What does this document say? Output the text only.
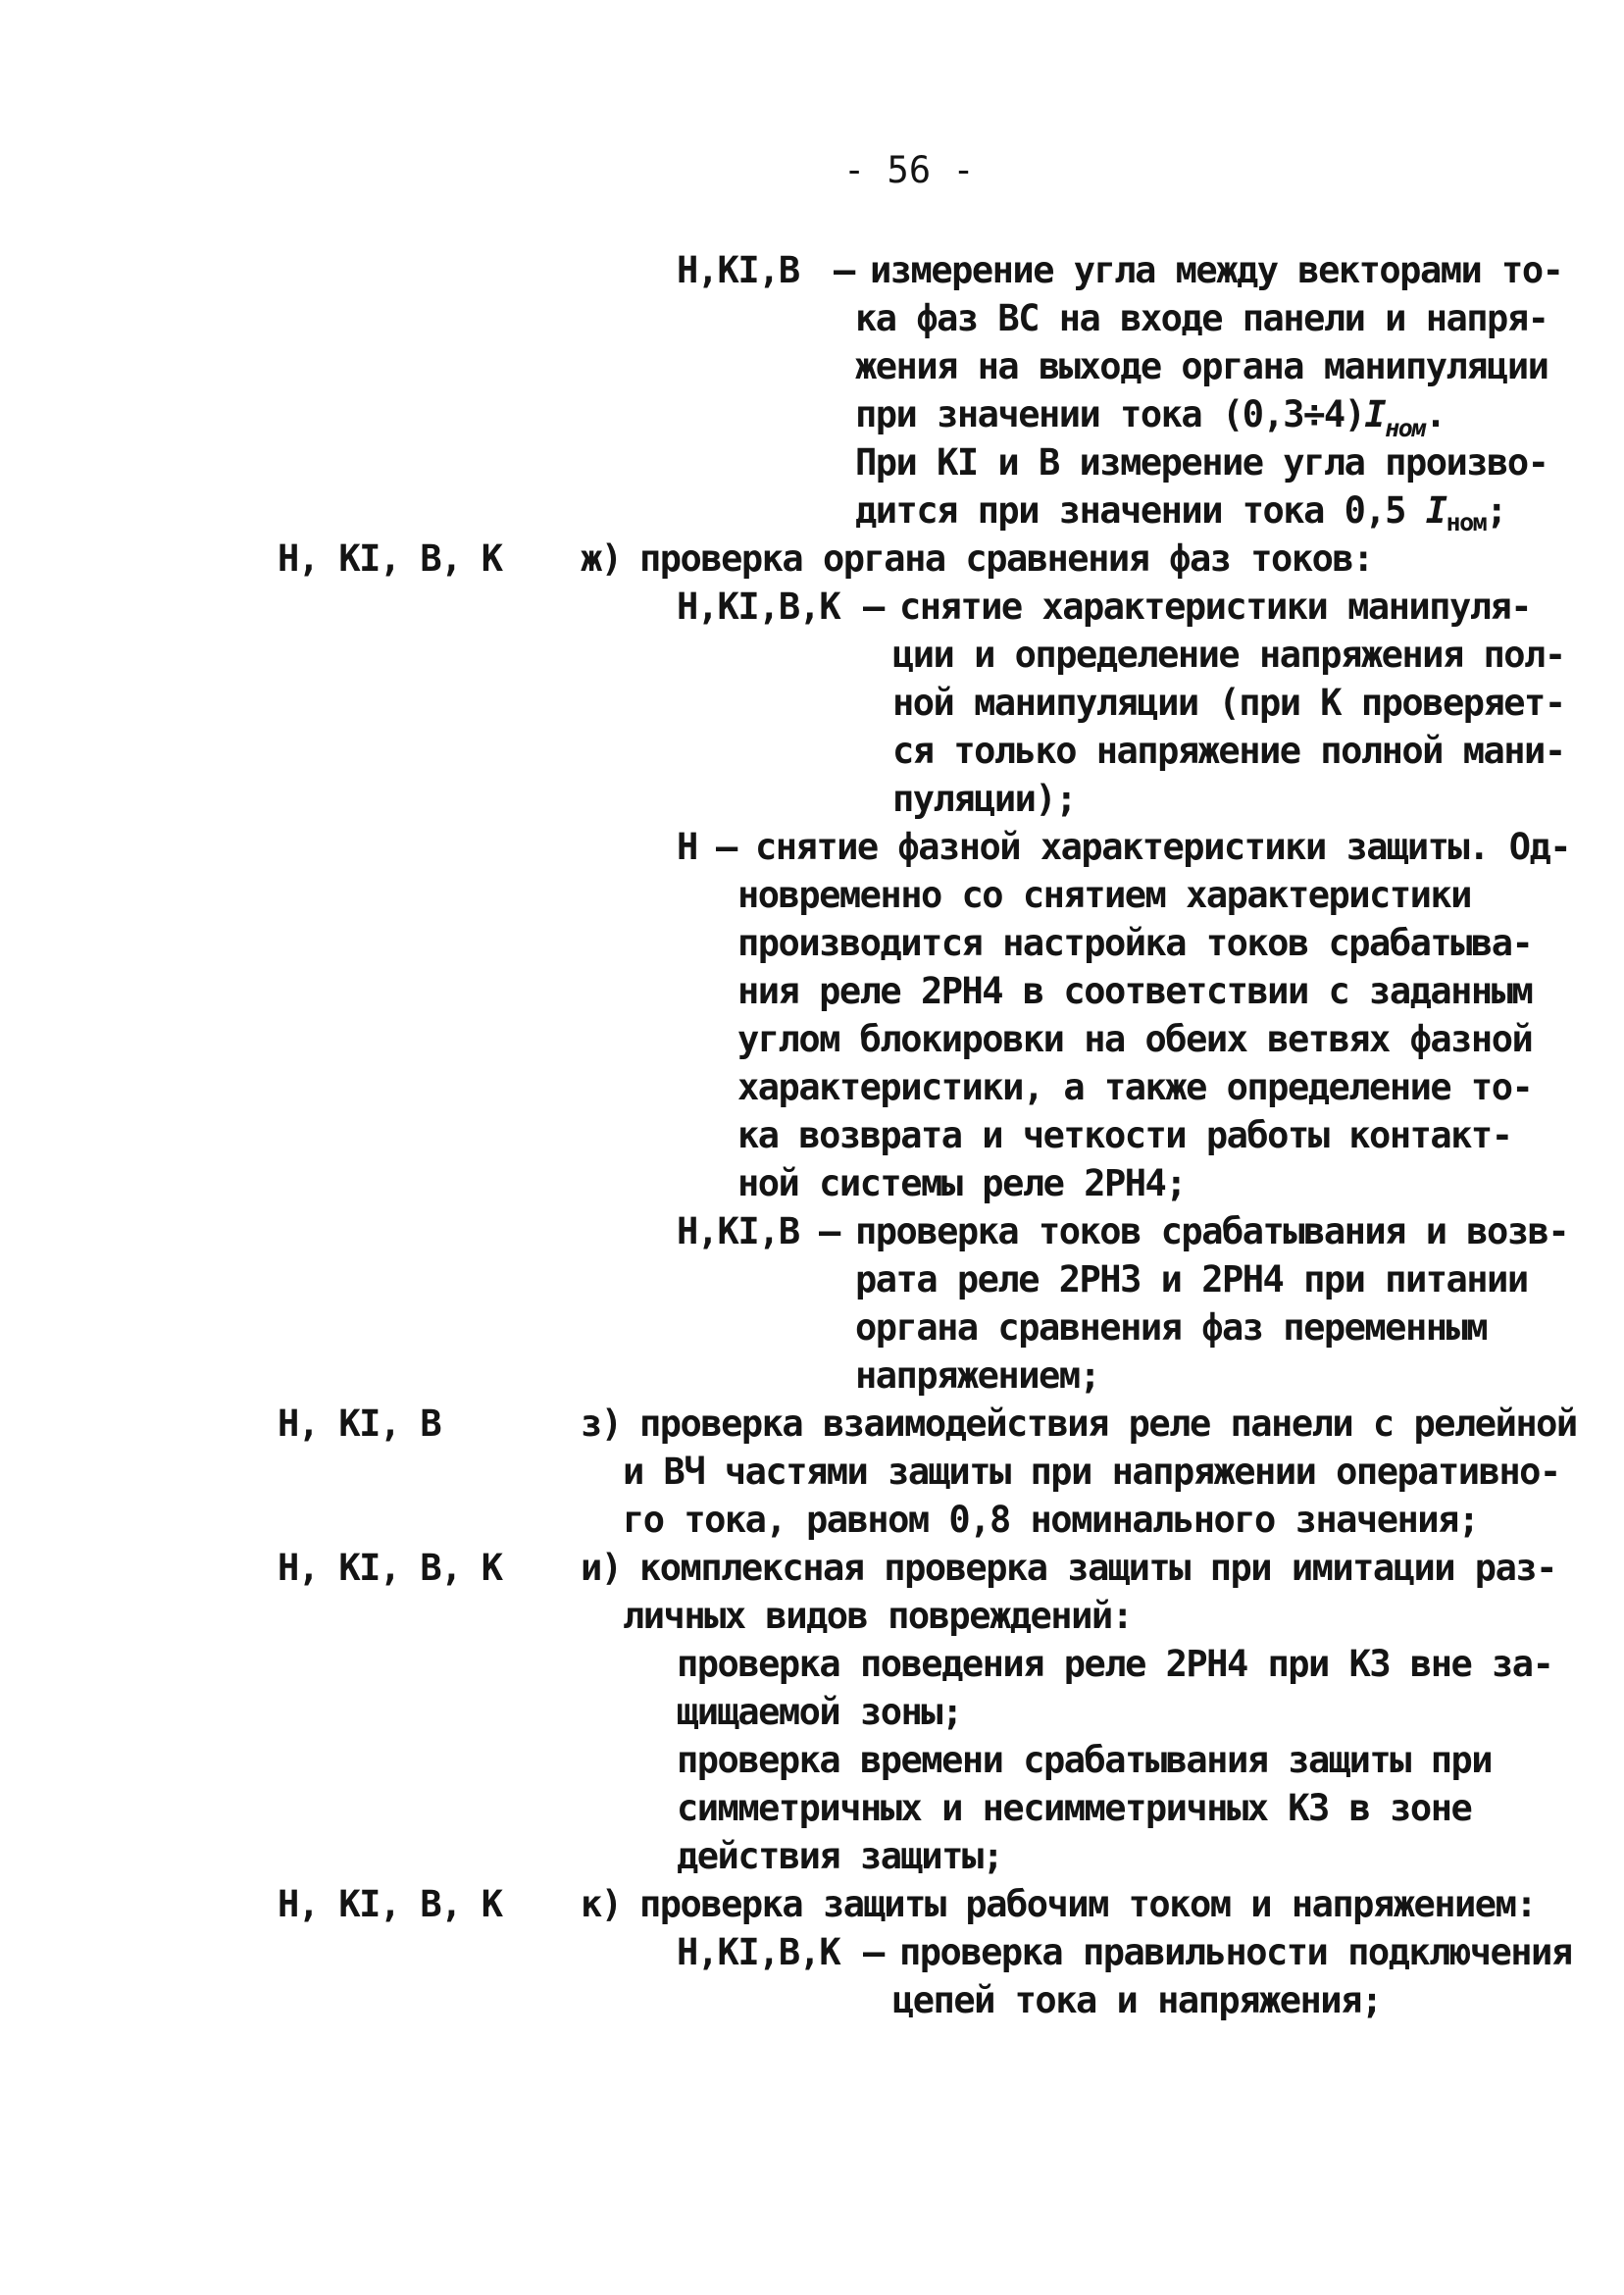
- 56 -
Н,КI,В – измерение угла между векторами то-
ка фаз ВС на входе панели и напря-
жения на выходе органа манипуляции
при значении тока $(0,3\div 4)I_{ном}$.
При КI и В измерение угла произво-
дится при значении тока 0,5 $I_{ном}$;
Н, КI, В, К ж) проверка органа сравнения фаз токов:
Н,КI,В,К – снятие характеристики манипуля-
ции и определение напряжения пол-
ной манипуляции (при К проверяет-
ся только напряжение полной мани-
пуляции);
Н – снятие фазной характеристики защиты. Од-
новременно со снятием характеристики
производится настройка токов срабатыва-
ния реле 2РН4 в соответствии с заданным
углом блокировки на обеих ветвях фазной
характеристики, а также определение то-
ка возврата и четкости работы контакт-
ной системы реле 2РН4;
Н,КI,В – проверка токов срабатывания и возв-
рата реле 2РН3 и 2РН4 при питании
органа сравнения фаз переменным
напряжением;
Н, КI, В	з) проверка взаимодействия реле панели с релейной
и ВЧ частями защиты при напряжении оперативно-
го тока, равном 0,8 номинального значения;
Н, КI, В, К и) комплексная проверка защиты при имитации раз-
личных видов повреждений:
проверка поведения реле 2РН4 при КЗ вне за-
щищаемой зоны;
проверка времени срабатывания защиты при
симметричных и несимметричных КЗ в зоне
действия защиты;
Н, КI, В, К к) проверка защиты рабочим током и напряжением:
Н,КI,В,К – проверка правильности подключения
цепей тока и напряжения;
